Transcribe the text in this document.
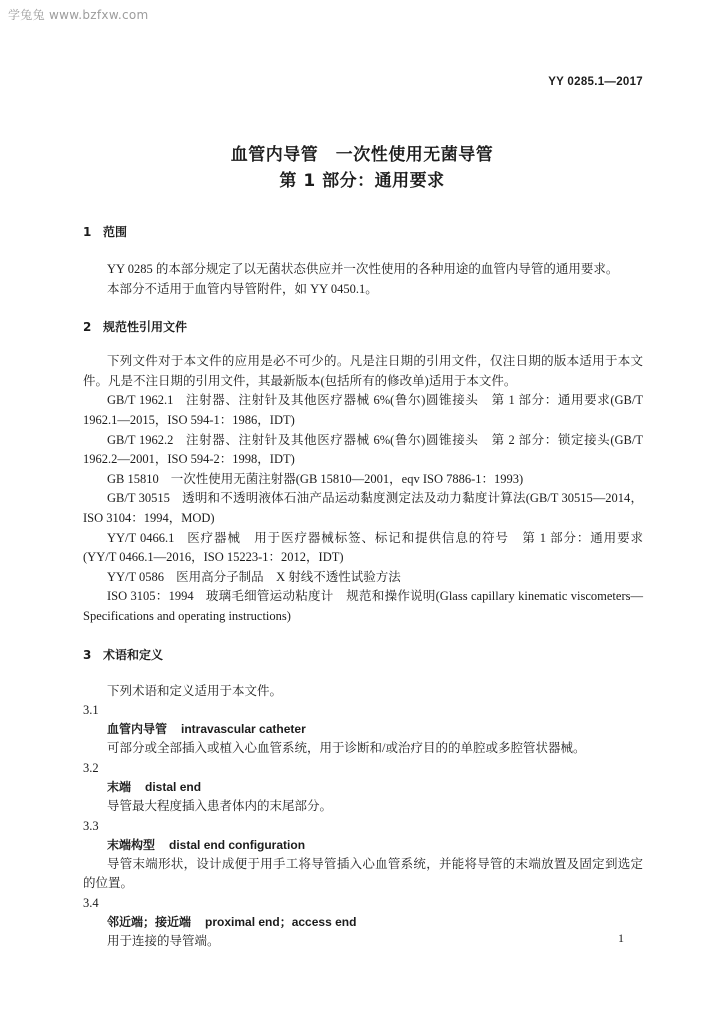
学兔兔 www.bzfxw.com
YY 0285.1—2017
血管内导管　一次性使用无菌导管
第 1 部分：通用要求
1 范围
YY 0285 的本部分规定了以无菌状态供应并一次性使用的各种用途的血管内导管的通用要求。
本部分不适用于血管内导管附件，如 YY 0450.1。
2 规范性引用文件
下列文件对于本文件的应用是必不可少的。凡是注日期的引用文件，仅注日期的版本适用于本文件。凡是不注日期的引用文件，其最新版本(包括所有的修改单)适用于本文件。
GB/T 1962.1 注射器、注射针及其他医疗器械 6%(鲁尔)圆锥接头　第 1 部分：通用要求(GB/T 1962.1—2015，ISO 594-1：1986，IDT)
GB/T 1962.2 注射器、注射针及其他医疗器械 6%(鲁尔)圆锥接头　第 2 部分：锁定接头(GB/T 1962.2—2001，ISO 594-2：1998，IDT)
GB 15810 一次性使用无菌注射器(GB 15810—2001，eqv ISO 7886-1：1993)
GB/T 30515 透明和不透明液体石油产品运动黏度测定法及动力黏度计算法(GB/T 30515—2014，ISO 3104：1994，MOD)
YY/T 0466.1 医疗器械　用于医疗器械标签、标记和提供信息的符号　第 1 部分：通用要求(YY/T 0466.1—2016，ISO 15223-1：2012，IDT)
YY/T 0586 医用高分子制品　X 射线不透性试验方法
ISO 3105：1994 玻璃毛细管运动粘度计　规范和操作说明(Glass capillary kinematic viscometers—Specifications and operating instructions)
3 术语和定义
下列术语和定义适用于本文件。
3.1
血管内导管 intravascular catheter
可部分或全部插入或植入心血管系统，用于诊断和/或治疗目的的单腔或多腔管状器械。
3.2
末端 distal end
导管最大程度插入患者体内的末尾部分。
3.3
末端构型 distal end configuration
导管末端形状，设计成便于用手工将导管插入心血管系统，并能将导管的末端放置及固定到选定的位置。
3.4
邻近端；接近端 proximal end；access end
用于连接的导管端。	1
